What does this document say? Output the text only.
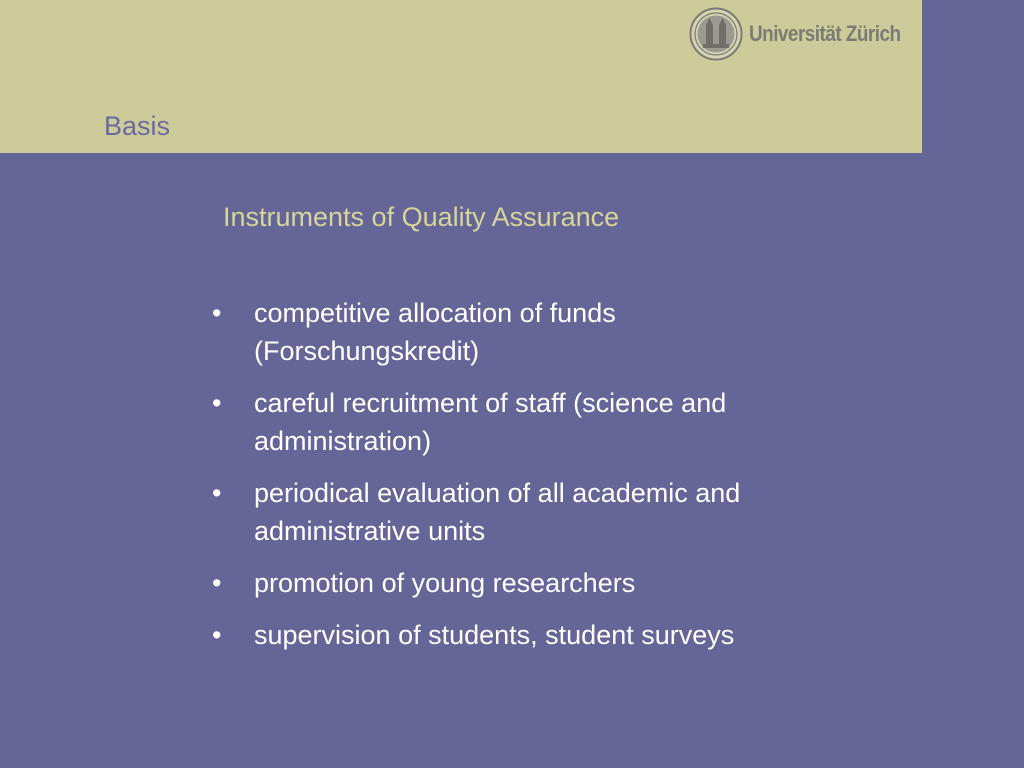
Basis
Universität Zürich
Instruments of Quality Assurance
•	competitive allocation of funds
(Forschungskredit)
•	careful recruitment of staff (science and
administration)
•	periodical evaluation of all academic and
administrative units
•	promotion of young researchers
•	supervision of students, student surveys
